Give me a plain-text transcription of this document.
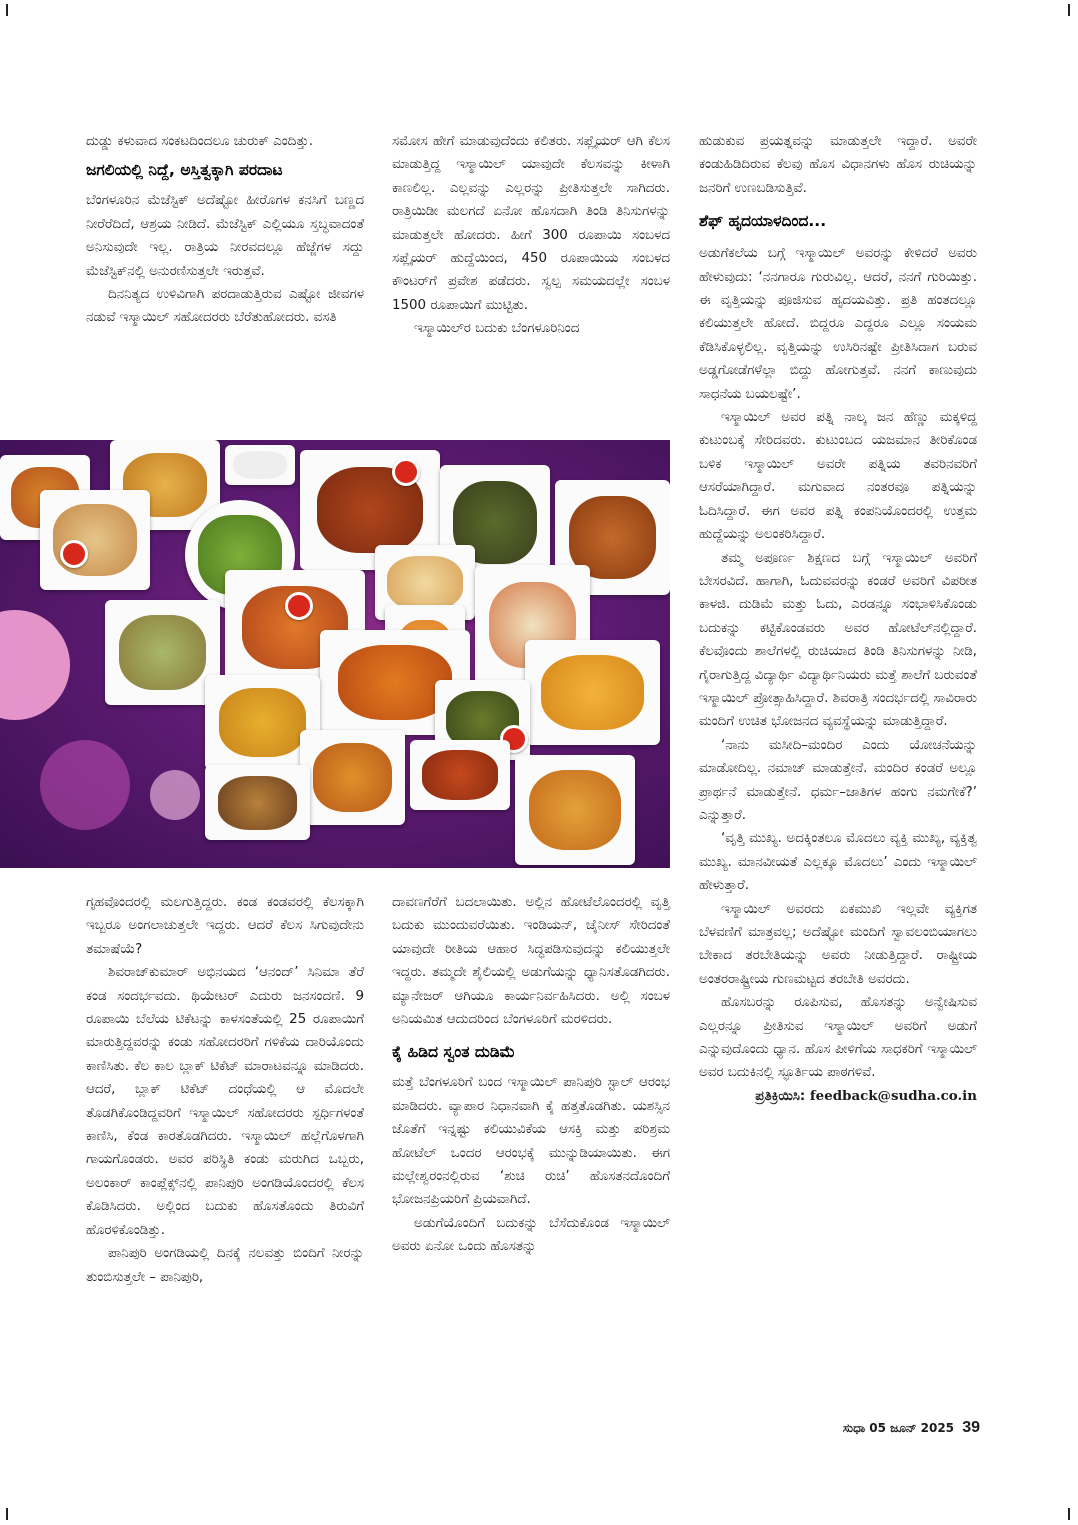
ದುಡ್ಡು ಕಳುವಾದ ಸಂಕಟದಿಂದಲೂ ಚುರುಕ್ ಎಂದಿತ್ತು.

ಜಗಲಿಯಲ್ಲಿ ನಿದ್ದೆ, ಅಸ್ತಿತ್ವಕ್ಕಾಗಿ ಪರದಾಟ

ಬೆಂಗಳೂರಿನ ಮೆಜೆಸ್ಟಿಕ್ ಅದೆಷ್ಟೋ ಹೀರೊಗಳ ಕನಸಿಗೆ ಬಣ್ಣದ ನೀರೆರೆದಿದೆ, ಆಶ್ರಯ ನೀಡಿದೆ. ಮೆಜೆಸ್ಟಿಕ್ ಎಲ್ಲಿಯೂ ಸ್ತಬ್ಧವಾದಂತೆ ಅನಿಸುವುದೇ ಇಲ್ಲ. ರಾತ್ರಿಯ ನೀರವದಲ್ಲೂ ಹೆಜ್ಜೆಗಳ ಸದ್ದು ಮೆಜೆಸ್ಟಿಕ್‌ನಲ್ಲಿ ಅನುರಣಿಸುತ್ತಲೇ ಇರುತ್ತವೆ.

ದಿನನಿತ್ಯದ ಉಳಿವಿಗಾಗಿ ಪರದಾಡುತ್ತಿರುವ ಎಷ್ಟೋ ಜೀವಗಳ ನಡುವೆ ಇಸ್ಮಾಯಿಲ್ ಸಹೋದರರು ಬೆರೆತುಹೋದರು. ವಸತಿ

ಸಮೋಸ ಹೇಗೆ ಮಾಡುವುದೆಂದು ಕಲಿತರು. ಸಪ್ಲೈಯರ್ ಆಗಿ ಕೆಲಸ ಮಾಡುತ್ತಿದ್ದ ಇಸ್ಮಾಯಿಲ್ ಯಾವುದೇ ಕೆಲಸವನ್ನು ಕೀಳಾಗಿ ಕಾಣಲಿಲ್ಲ. ಎಲ್ಲವನ್ನು ಎಲ್ಲರನ್ನು ಪ್ರೀತಿಸುತ್ತಲೇ ಸಾಗಿದರು. ರಾತ್ರಿಯಿಡೀ ಮಲಗದೆ ಏನೋ ಹೊಸದಾಗಿ ತಿಂಡಿ ತಿನಿಸುಗಳನ್ನು ಮಾಡುತ್ತಲೇ ಹೋದರು. ಹೀಗೆ 300 ರೂಪಾಯಿ ಸಂಬಳದ ಸಪ್ಲೈಯರ್ ಹುದ್ದೆಯಿಂದ, 450 ರೂಪಾಯಿಯ ಸಂಬಳದ ಕೌಂಟರ್‌ಗೆ ಪ್ರವೇಶ ಪಡೆದರು. ಸ್ವಲ್ಪ ಸಮಯದಲ್ಲೇ ಸಂಬಳ 1500 ರೂಪಾಯಿಗೆ ಮುಟ್ಟಿತು.

ಇಸ್ಮಾಯಿಲ್‌ರ ಬದುಕು ಬೆಂಗಳೂರಿನಿಂದ

ಹುಡುಕುವ ಪ್ರಯತ್ನವನ್ನು ಮಾಡುತ್ತಲೇ ಇದ್ದಾರೆ. ಅವರೇ ಕಂಡುಹಿಡಿದಿರುವ ಕೆಲವು ಹೊಸ ವಿಧಾನಗಳು ಹೊಸ ರುಚಿಯನ್ನು ಜನರಿಗೆ ಉಣಬಡಿಸುತ್ತಿವೆ.

ಶೆಫ್ ಹೃದಯಾಳದಿಂದ...

ಅಡುಗೆಕಲೆಯ ಬಗ್ಗೆ ಇಸ್ಮಾಯಿಲ್ ಅವರನ್ನು ಕೇಳಿದರೆ ಅವರು ಹೇಳುವುದು: ‘ನನಗಾರೂ ಗುರುವಿಲ್ಲ. ಆದರೆ, ನನಗೆ ಗುರಿಯಿತ್ತು. ಈ ವೃತ್ತಿಯನ್ನು ಪೂಜಿಸುವ ಹೃದಯವಿತ್ತು. ಪ್ರತಿ ಹಂತದಲ್ಲೂ ಕಲಿಯುತ್ತಲೇ ಹೋದೆ. ಬಿದ್ದರೂ ಎದ್ದರೂ ಎಲ್ಲೂ ಸಂಯಮ ಕೆಡಿಸಿಕೊಳ್ಳಲಿಲ್ಲ. ವೃತ್ತಿಯನ್ನು ಉಸಿರಿನಷ್ಟೇ ಪ್ರೀತಿಸಿದಾಗ ಬರುವ ಅಡ್ಡಗೋಡೆಗಳೆಲ್ಲಾ ಬಿದ್ದು ಹೋಗುತ್ತವೆ. ನನಗೆ ಕಾಣುವುದು ಸಾಧನೆಯ ಬಯಲಷ್ಟೇ’.

ಇಸ್ಮಾಯಿಲ್ ಅವರ ಪತ್ನಿ ನಾಲ್ಕ ಜನ ಹೆಣ್ಣು ಮಕ್ಕಳಿದ್ದ ಕುಟುಂಬಕ್ಕೆ ಸೇರಿದವರು. ಕುಟುಂಬದ ಯಜಮಾನ ತೀರಿಕೊಂಡ ಬಳಿಕ ಇಸ್ಮಾಯಿಲ್ ಅವರೇ ಪತ್ನಿಯ ತವರಿನವರಿಗೆ ಆಸರೆಯಾಗಿದ್ದಾರೆ. ಮಗುವಾದ ನಂತರವೂ ಪತ್ನಿಯನ್ನು ಓದಿಸಿದ್ದಾರೆ. ಈಗ ಅವರ ಪತ್ನಿ ಕಂಪನಿಯೊಂದರಲ್ಲಿ ಉತ್ತಮ ಹುದ್ದೆಯನ್ನು ಅಲಂಕರಿಸಿದ್ದಾರೆ.

ತಮ್ಮ ಅಪೂರ್ಣ ಶಿಕ್ಷಣದ ಬಗ್ಗೆ ಇಸ್ಮಾಯಿಲ್ ಅವರಿಗೆ ಬೇಸರವಿದೆ. ಹಾಗಾಗಿ, ಓದುವವರನ್ನು ಕಂಡರೆ ಅವರಿಗೆ ವಿಪರೀತ ಕಾಳಜಿ. ದುಡಿಮೆ ಮತ್ತು ಓದು, ಎರಡನ್ನೂ ಸಂಭಾಳಿಸಿಕೊಂಡು ಬದುಕನ್ನು ಕಟ್ಟಿಕೊಂಡವರು ಅವರ ಹೋಟೆಲ್‌ನಲ್ಲಿದ್ದಾರೆ. ಕೆಲವೊಂದು ಶಾಲೆಗಳಲ್ಲಿ ರುಚಿಯಾದ ತಿಂಡಿ ತಿನಿಸುಗಳನ್ನು ನೀಡಿ, ಗೈರಾಗುತ್ತಿದ್ದ ವಿದ್ಯಾರ್ಥಿ ವಿದ್ಯಾರ್ಥಿನಿಯರು ಮತ್ತೆ ಶಾಲೆಗೆ ಬರುವಂತೆ ಇಸ್ಮಾಯಿಲ್ ಪ್ರೋತ್ಸಾಹಿಸಿದ್ದಾರೆ. ಶಿವರಾತ್ರಿ ಸಂದರ್ಭದಲ್ಲಿ ಸಾವಿರಾರು ಮಂದಿಗೆ ಉಚಿತ ಭೋಜನದ ವ್ಯವಸ್ಥೆಯನ್ನು ಮಾಡುತ್ತಿದ್ದಾರೆ.

‘ನಾನು ಮಸೀದಿ–ಮಂದಿರ ಎಂದು ಯೋಚನೆಯನ್ನು ಮಾಡೋದಿಲ್ಲ. ನಮಾಜ್ ಮಾಡುತ್ತೇನೆ. ಮಂದಿರ ಕಂಡರೆ ಅಲ್ಲೂ ಪ್ರಾರ್ಥನೆ ಮಾಡುತ್ತೇನೆ. ಧರ್ಮ–ಜಾತಿಗಳ ಹಂಗು ನಮಗೇಕೆ?’ ಎನ್ನುತ್ತಾರೆ.

‘ವೃತ್ತಿ ಮುಖ್ಯ. ಅದಕ್ಕಿಂತಲೂ ಮೊದಲು ವ್ಯಕ್ತಿ ಮುಖ್ಯ, ವ್ಯಕ್ತಿತ್ವ ಮುಖ್ಯ. ಮಾನವೀಯತೆ ಎಲ್ಲಕ್ಕೂ ಮೊದಲು’ ಎಂದು ಇಸ್ಮಾಯಿಲ್ ಹೇಳುತ್ತಾರೆ.

ಇಸ್ಮಾಯಿಲ್ ಅವರದು ಏಕಮುಖಿ ಇಲ್ಲವೇ ವ್ಯಕ್ತಿಗತ ಬೆಳವಣಿಗೆ ಮಾತ್ರವಲ್ಲ; ಅದೆಷ್ಟೋ ಮಂದಿಗೆ ಸ್ವಾವಲಂಬಿಯಾಗಲು ಬೇಕಾದ ತರಬೇತಿಯನ್ನು ಅವರು ನೀಡುತ್ತಿದ್ದಾರೆ. ರಾಷ್ಟ್ರೀಯ ಅಂತರರಾಷ್ಟ್ರೀಯ ಗುಣಮಟ್ಟದ ತರಬೇತಿ ಅವರದು.

ಹೊಸಬರನ್ನು ರೂಪಿಸುವ, ಹೊಸತನ್ನು ಅನ್ವೇಷಿಸುವ ಎಲ್ಲರನ್ನೂ ಪ್ರೀತಿಸುವ ಇಸ್ಮಾಯಿಲ್ ಅವರಿಗೆ ಅಡುಗೆ ಎನ್ನುವುದೊಂದು ಧ್ಯಾನ. ಹೊಸ ಪೀಳಿಗೆಯ ಸಾಧಕರಿಗೆ ಇಸ್ಮಾಯಿಲ್ ಅವರ ಬದುಕಿನಲ್ಲಿ ಸ್ಫೂರ್ತಿಯ ಪಾಠಗಳಿವೆ.

ಪ್ರತಿಕ್ರಿಯಿಸಿ: feedback@sudha.co.in

ಗೃಹವೊಂದರಲ್ಲಿ ಮಲಗುತ್ತಿದ್ದರು. ಕಂಡ ಕಂಡವರಲ್ಲಿ ಕೆಲಸಕ್ಕಾಗಿ ಇಬ್ಬರೂ ಅಂಗಲಾಚುತ್ತಲೇ ಇದ್ದರು. ಆದರೆ ಕೆಲಸ ಸಿಗುವುದೇನು ತಮಾಷೆಯೆ?

ಶಿವರಾಜ್‌ಕುಮಾರ್ ಅಭಿನಯದ ‘ಆನಂದ್’ ಸಿನಿಮಾ ತೆರೆ ಕಂಡ ಸಂದರ್ಭವದು. ಥಿಯೇಟರ್ ಎದುರು ಜನಸಂದಣಿ. 9 ರೂಪಾಯಿ ಬೆಲೆಯ ಟಿಕೆಟನ್ನು ಕಾಳಸಂತೆಯಲ್ಲಿ 25 ರೂಪಾಯಿಗೆ ಮಾರುತ್ತಿದ್ದವರನ್ನು ಕಂಡು ಸಹೋದರರಿಗೆ ಗಳಿಕೆಯ ದಾರಿಯೊಂದು ಕಾಣಿಸಿತು. ಕೆಲ ಕಾಲ ಬ್ಲಾಕ್ ಟಿಕೆಟ್ ಮಾರಾಟವನ್ನೂ ಮಾಡಿದರು. ಆದರೆ, ಬ್ಲಾಕ್ ಟಿಕೆಟ್ ದಂಧೆಯಲ್ಲಿ ಆ ಮೊದಲೇ ತೊಡಗಿಕೊಂಡಿದ್ದವರಿಗೆ ಇಸ್ಮಾಯಿಲ್ ಸಹೋದರರು ಸ್ಪರ್ಧಿಗಳಂತೆ ಕಾಣಿಸಿ, ಕೆಂಡ ಕಾರತೊಡಗಿದರು. ಇಸ್ಮಾಯಿಲ್ ಹಲ್ಲೆಗೊಳಗಾಗಿ ಗಾಯಗೊಂಡರು. ಅವರ ಪರಿಸ್ಥಿತಿ ಕಂಡು ಮರುಗಿದ ಒಬ್ಬರು, ಅಲಂಕಾರ್ ಕಾಂಪ್ಲೆಕ್ಸ್‌ನಲ್ಲಿ ಪಾನಿಪುರಿ ಅಂಗಡಿಯೊಂದರಲ್ಲಿ ಕೆಲಸ ಕೊಡಿಸಿದರು. ಅಲ್ಲಿಂದ ಬದುಕು ಹೊಸತೊಂದು ತಿರುವಿಗೆ ಹೊರಳಿಕೊಂಡಿತ್ತು.

ಪಾನಿಪುರಿ ಅಂಗಡಿಯಲ್ಲಿ ದಿನಕ್ಕೆ ನಲವತ್ತು ಬಿಂದಿಗೆ ನೀರನ್ನು ತುಂಬಿಸುತ್ತಲೇ – ಪಾನಿಪುರಿ,

ದಾವಣಗೆರೆಗೆ ಬದಲಾಯಿತು. ಅಲ್ಲಿನ ಹೋಟೆಲೊಂದರಲ್ಲಿ ವೃತ್ತಿ ಬದುಕು ಮುಂದುವರೆಯಿತು. ಇಂಡಿಯನ್, ಚೈನೀಸ್ ಸೇರಿದಂತೆ ಯಾವುದೇ ರೀತಿಯ ಆಹಾರ ಸಿದ್ಧಪಡಿಸುವುದನ್ನು ಕಲಿಯುತ್ತಲೇ ಇದ್ದರು. ತಮ್ಮದೇ ಶೈಲಿಯಲ್ಲಿ ಅಡುಗೆಯನ್ನು ಧ್ಯಾನಿಸತೊಡಗಿದರು. ಮ್ಯಾನೇಜರ್ ಆಗಿಯೂ ಕಾರ್ಯನಿರ್ವಹಿಸಿದರು. ಅಲ್ಲಿ ಸಂಬಳ ಅನಿಯಮಿತ ಆದುದರಿಂದ ಬೆಂಗಳೂರಿಗೆ ಮರಳಿದರು.

ಕೈ ಹಿಡಿದ ಸ್ವಂತ ದುಡಿಮೆ

ಮತ್ತೆ ಬೆಂಗಳೂರಿಗೆ ಬಂದ ಇಸ್ಮಾಯಿಲ್ ಪಾನಿಪುರಿ ಸ್ಟಾಲ್ ಆರಂಭ ಮಾಡಿದರು. ವ್ಯಾಪಾರ ನಿಧಾನವಾಗಿ ಕೈ ಹತ್ತತೊಡಗಿತು. ಯಶಸ್ಸಿನ ಜೊತೆಗೆ ಇನ್ನಷ್ಟು ಕಲಿಯುವಿಕೆಯ ಆಸಕ್ತಿ ಮತ್ತು ಪರಿಶ್ರಮ ಹೋಟೆಲ್ ಒಂದರ ಆರಂಭಕ್ಕೆ ಮುನ್ನುಡಿಯಾಯಿತು. ಈಗ ಮಲ್ಲೇಶ್ವರಂನಲ್ಲಿರುವ ‘ಶುಚಿ ರುಚಿ’ ಹೊಸತನದೊಂದಿಗೆ ಭೋಜನಪ್ರಿಯರಿಗೆ ಪ್ರಿಯವಾಗಿದೆ.

ಅಡುಗೆಯೊಂದಿಗೆ ಬದುಕನ್ನು ಬೆಸೆದುಕೊಂಡ ಇಸ್ಮಾಯಿಲ್ ಅವರು ಏನೋ ಒಂದು ಹೊಸತನ್ನು

ಸುಧಾ 05 ಜೂನ್ 2025 39
